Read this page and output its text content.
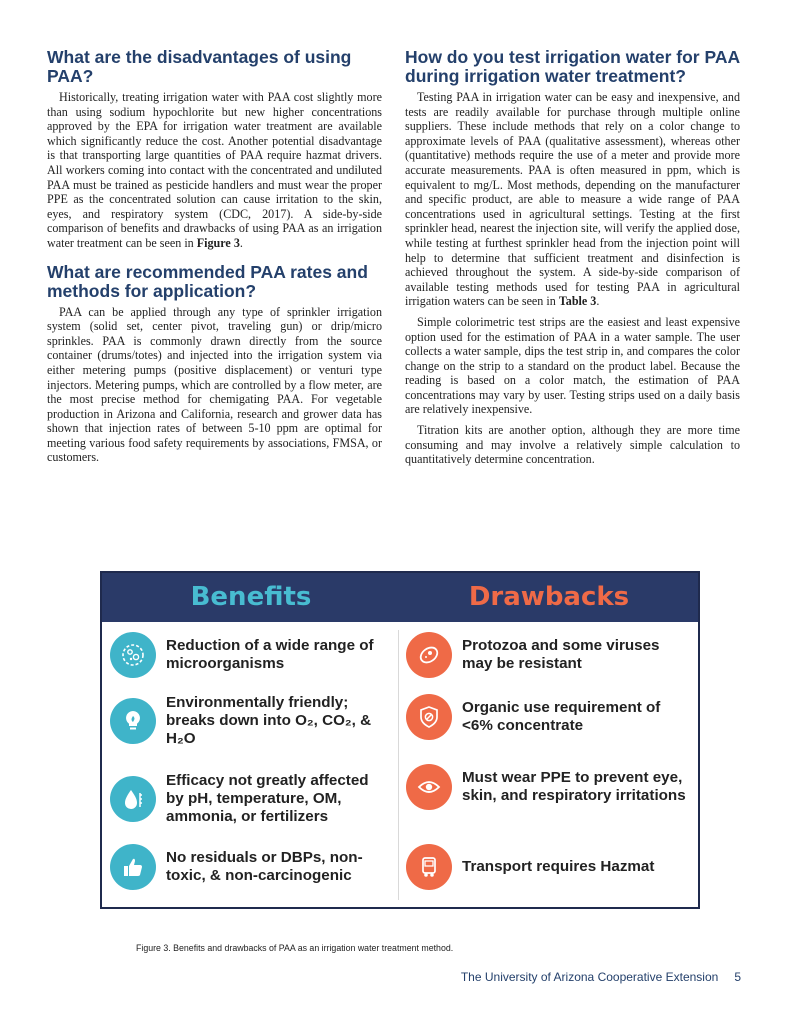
What are the disadvantages of using PAA?

Historically, treating irrigation water with PAA cost slightly more than using sodium hypochlorite but new higher concentrations approved by the EPA for irrigation water treatment are available which significantly reduce the cost. Another potential disadvantage is that transporting large quantities of PAA require hazmat drivers. All workers coming into contact with the concentrated and undiluted PAA must be trained as pesticide handlers and must wear the proper PPE as the concentrated solution can cause irritation to the skin, eyes, and respiratory system (CDC, 2017). A side-by-side comparison of benefits and drawbacks of using PAA as an irrigation water treatment can be seen in Figure 3.

What are recommended PAA rates and methods for application?

PAA can be applied through any type of sprinkler irrigation system (solid set, center pivot, traveling gun) or drip/micro sprinkles. PAA is commonly drawn directly from the source container (drums/totes) and injected into the irrigation system via either metering pumps (positive displacement) or venturi type injectors. Metering pumps, which are controlled by a flow meter, are the most precise method for chemigating PAA. For vegetable production in Arizona and California, research and grower data has shown that injection rates of between 5-10 ppm are optimal for meeting various food safety requirements by associations, FMSA, or customers.

How do you test irrigation water for PAA during irrigation water treatment?

Testing PAA in irrigation water can be easy and inexpensive, and tests are readily available for purchase through multiple online suppliers. These include methods that rely on a color change to approximate levels of PAA (qualitative assessment), whereas other (quantitative) methods require the use of a meter and provide more accurate measurements. PAA is often measured in ppm, which is equivalent to mg/L. Most methods, depending on the manufacturer and specific product, are able to measure a wide range of PAA concentrations used in agricultural settings. Testing at the first sprinkler head, nearest the injection site, will verify the applied dose, while testing at furthest sprinkler head from the injection point will help to determine that sufficient treatment and disinfection is achieved throughout the system. A side-by-side comparison of available testing methods used for testing PAA in agricultural irrigation waters can be seen in Table 3.

Simple colorimetric test strips are the easiest and least expensive option used for the estimation of PAA in a water sample. The user collects a water sample, dips the test strip in, and compares the color change on the strip to a standard on the product label. Because the reading is based on a color match, the estimation of PAA concentrations may vary by user. Testing strips used on a daily basis are relatively inexpensive.

Titration kits are another option, although they are more time consuming and may involve a relatively simple calculation to quantitatively determine concentration.

Benefits	Drawbacks
Reduction of a wide range of microorganisms
Environmentally friendly; breaks down into O₂, CO₂, & H₂O
Efficacy not greatly affected by pH, temperature, OM, ammonia, or fertilizers
No residuals or DBPs, non-toxic, & non-carcinogenic
Protozoa and some viruses may be resistant
Organic use requirement of <6% concentrate
Must wear PPE to prevent eye, skin, and respiratory irritations
Transport requires Hazmat
Figure 3. Benefits and drawbacks of PAA as an irrigation water treatment method.
The University of Arizona Cooperative Extension 5
